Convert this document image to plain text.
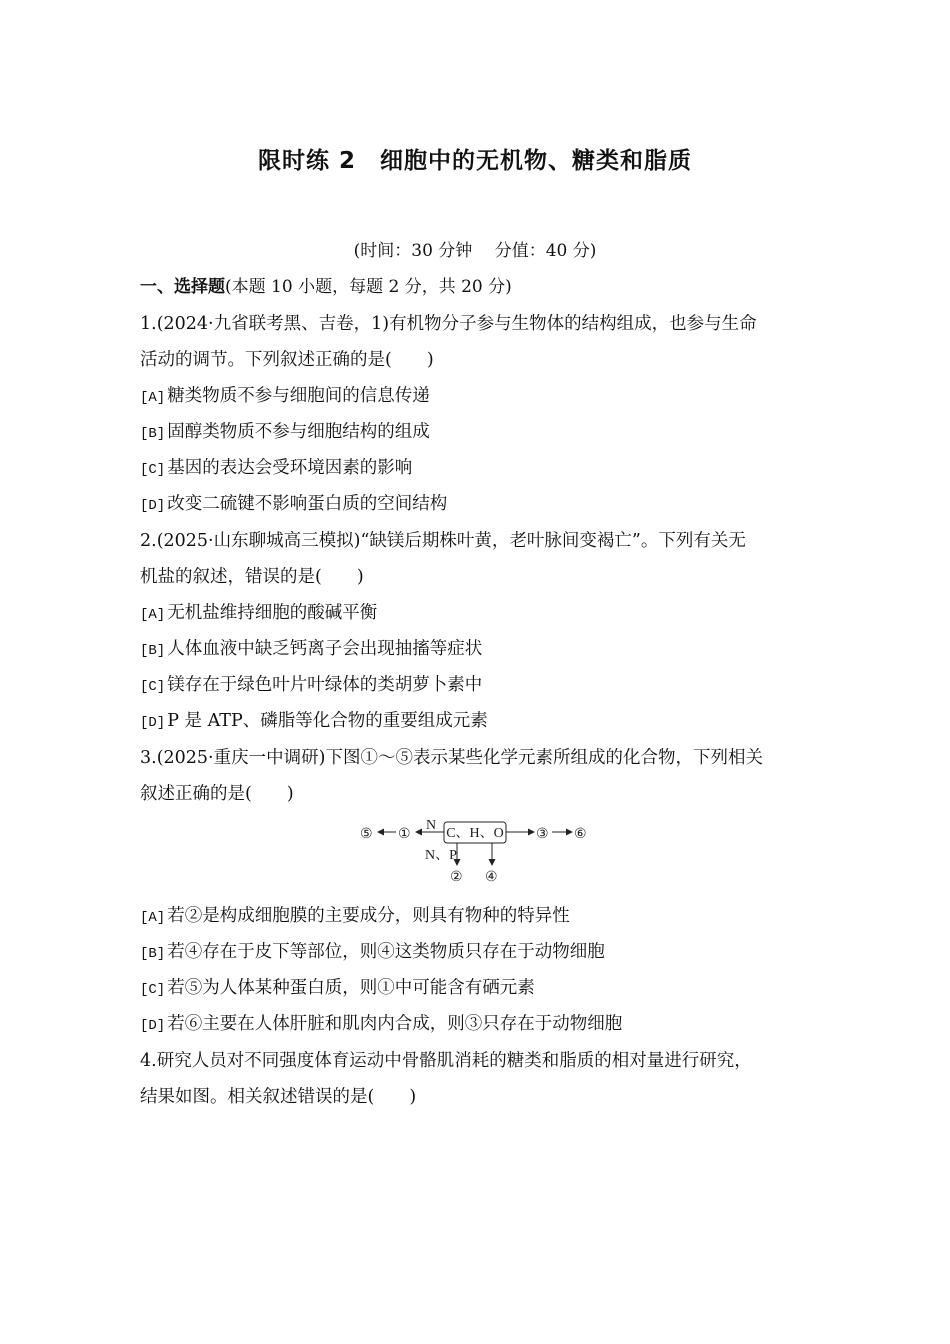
限时练 2　细胞中的无机物、糖类和脂质
(时间：30 分钟　 分值：40 分)
一、选择题(本题 10 小题，每题 2 分，共 20 分)
1.(2024·九省联考黑、吉卷，1)有机物分子参与生物体的结构组成，也参与生命
活动的调节。下列叙述正确的是(　　)
[A] 糖类物质不参与细胞间的信息传递
[B] 固醇类物质不参与细胞结构的组成
[C] 基因的表达会受环境因素的影响
[D] 改变二硫键不影响蛋白质的空间结构
2.(2025·山东聊城高三模拟)“缺镁后期株叶黄，老叶脉间变褐亡”。下列有关无
机盐的叙述，错误的是(　　)
[A] 无机盐维持细胞的酸碱平衡
[B] 人体血液中缺乏钙离子会出现抽搐等症状
[C] 镁存在于绿色叶片叶绿体的类胡萝卜素中
[D] P 是 ATP、磷脂等化合物的重要组成元素
3.(2025·重庆一中调研)下图①～⑤表示某些化学元素所组成的化合物，下列相关
叙述正确的是(　　)
C、H、O
⑤ ①
N
③ ⑥
N、P
② ④
[A] 若②是构成细胞膜的主要成分，则具有物种的特异性
[B] 若④存在于皮下等部位，则④这类物质只存在于动物细胞
[C] 若⑤为人体某种蛋白质，则①中可能含有硒元素
[D] 若⑥主要在人体肝脏和肌肉内合成，则③只存在于动物细胞
4.研究人员对不同强度体育运动中骨骼肌消耗的糖类和脂质的相对量进行研究，
结果如图。相关叙述错误的是(　　)
